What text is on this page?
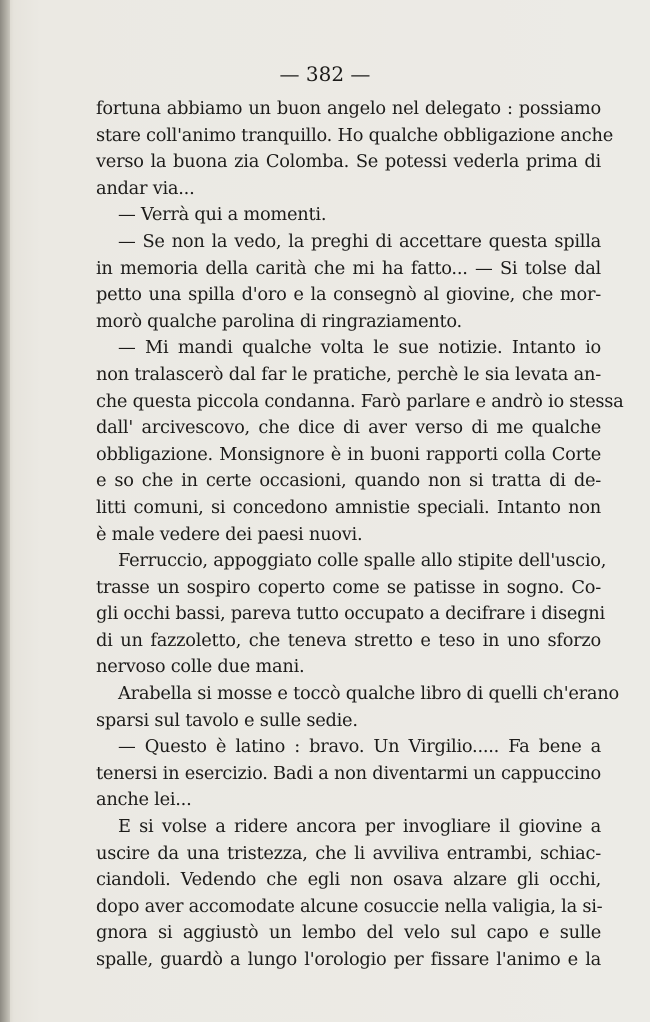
— 382 —
fortuna abbiamo un buon angelo nel delegato : possiamo
stare coll'animo tranquillo. Ho qualche obbligazione anche
verso la buona zia Colomba. Se potessi vederla prima di
andar via...
— Verrà qui a momenti.
— Se non la vedo, la preghi di accettare questa spilla
in memoria della carità che mi ha fatto... — Si tolse dal
petto una spilla d'oro e la consegnò al giovine, che mor-
morò qualche parolina di ringraziamento.
— Mi mandi qualche volta le sue notizie. Intanto io
non tralascerò dal far le pratiche, perchè le sia levata an-
che questa piccola condanna. Farò parlare e andrò io stessa
dall' arcivescovo, che dice di aver verso di me qualche
obbligazione. Monsignore è in buoni rapporti colla Corte
e so che in certe occasioni, quando non si tratta di de-
litti comuni, si concedono amnistie speciali. Intanto non
è male vedere dei paesi nuovi.
Ferruccio, appoggiato colle spalle allo stipite dell'uscio,
trasse un sospiro coperto come se patisse in sogno. Co-
gli occhi bassi, pareva tutto occupato a decifrare i disegni
di un fazzoletto, che teneva stretto e teso in uno sforzo
nervoso colle due mani.
Arabella si mosse e toccò qualche libro di quelli ch'erano
sparsi sul tavolo e sulle sedie.
— Questo è latino : bravo. Un Virgilio..... Fa bene a
tenersi in esercizio. Badi a non diventarmi un cappuccino
anche lei...
E si volse a ridere ancora per invogliare il giovine a
uscire da una tristezza, che li avviliva entrambi, schiac-
ciandoli. Vedendo che egli non osava alzare gli occhi,
dopo aver accomodate alcune cosuccie nella valigia, la si-
gnora si aggiustò un lembo del velo sul capo e sulle
spalle, guardò a lungo l'orologio per fissare l'animo e la
